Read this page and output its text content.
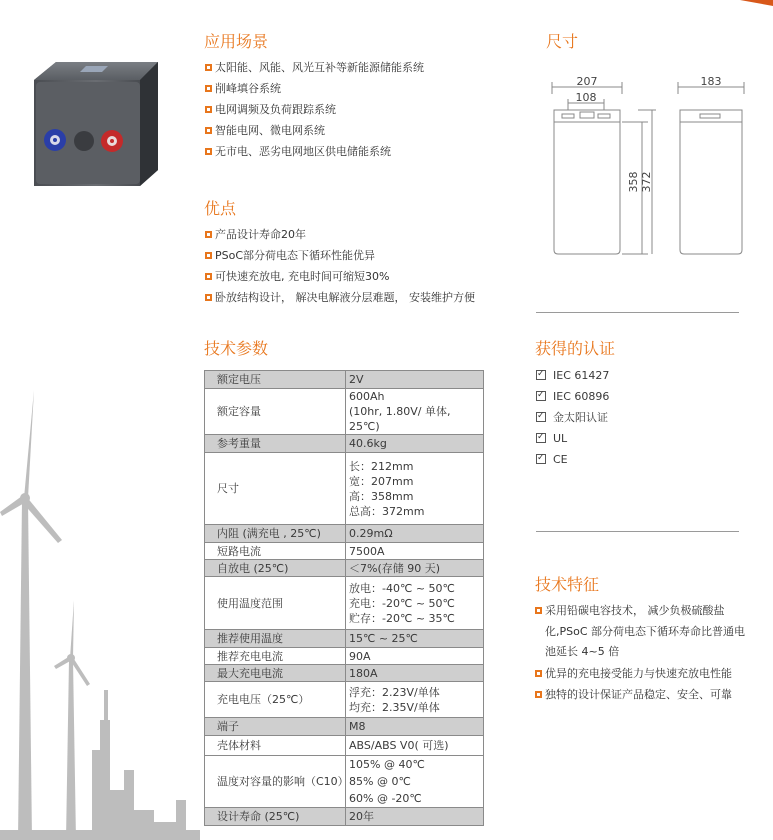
应用场景
太阳能、风能、风光互补等新能源储能系统
削峰填谷系统
电网调频及负荷跟踪系统
智能电网、微电网系统
无市电、恶劣电网地区供电储能系统
优点
产品设计寿命20年
PSoC部分荷电态下循环性能优异
可快速充放电, 充电时间可缩短30%
卧放结构设计， 解决电解液分层难题， 安装维护方便
尺寸
207
108
183
358 372
技术参数
额定电压	2V

额定容量	600Ah
(10hr, 1.80V/ 单体, 25℃)

参考重量	40.6kg

尺寸	长：212mm
宽：207mm
高：358mm
总高：372mm

内阻 (满充电 , 25℃)	0.29mΩ

短路电流	7500A

自放电 (25℃)	＜7%(存储 90 天)

使用温度范围	放电：-40℃ ~ 50℃
充电：-20℃ ~ 50℃
贮存：-20℃ ~ 35℃

推荐使用温度	15℃ ~ 25℃

推荐充电电流	90A

最大充电电流	180A

充电电压（25℃）	浮充：2.23V/单体
均充：2.35V/单体

端子	M8

壳体材料	ABS/ABS V0( 可选)

温度对容量的影响（C10）	105% @ 40℃
85% @ 0℃
60% @ -20℃

设计寿命 (25℃)	20年
获得的认证
✓IEC 61427
✓IEC 60896
✓金太阳认证
✓UL
✓CE
技术特征
采用铅碳电容技术， 减少负极硫酸盐
化,PSoC 部分荷电态下循环寿命比普通电
池延长 4~5 倍
优异的充电接受能力与快速充放电性能
独特的设计保证产品稳定、安全、可靠
